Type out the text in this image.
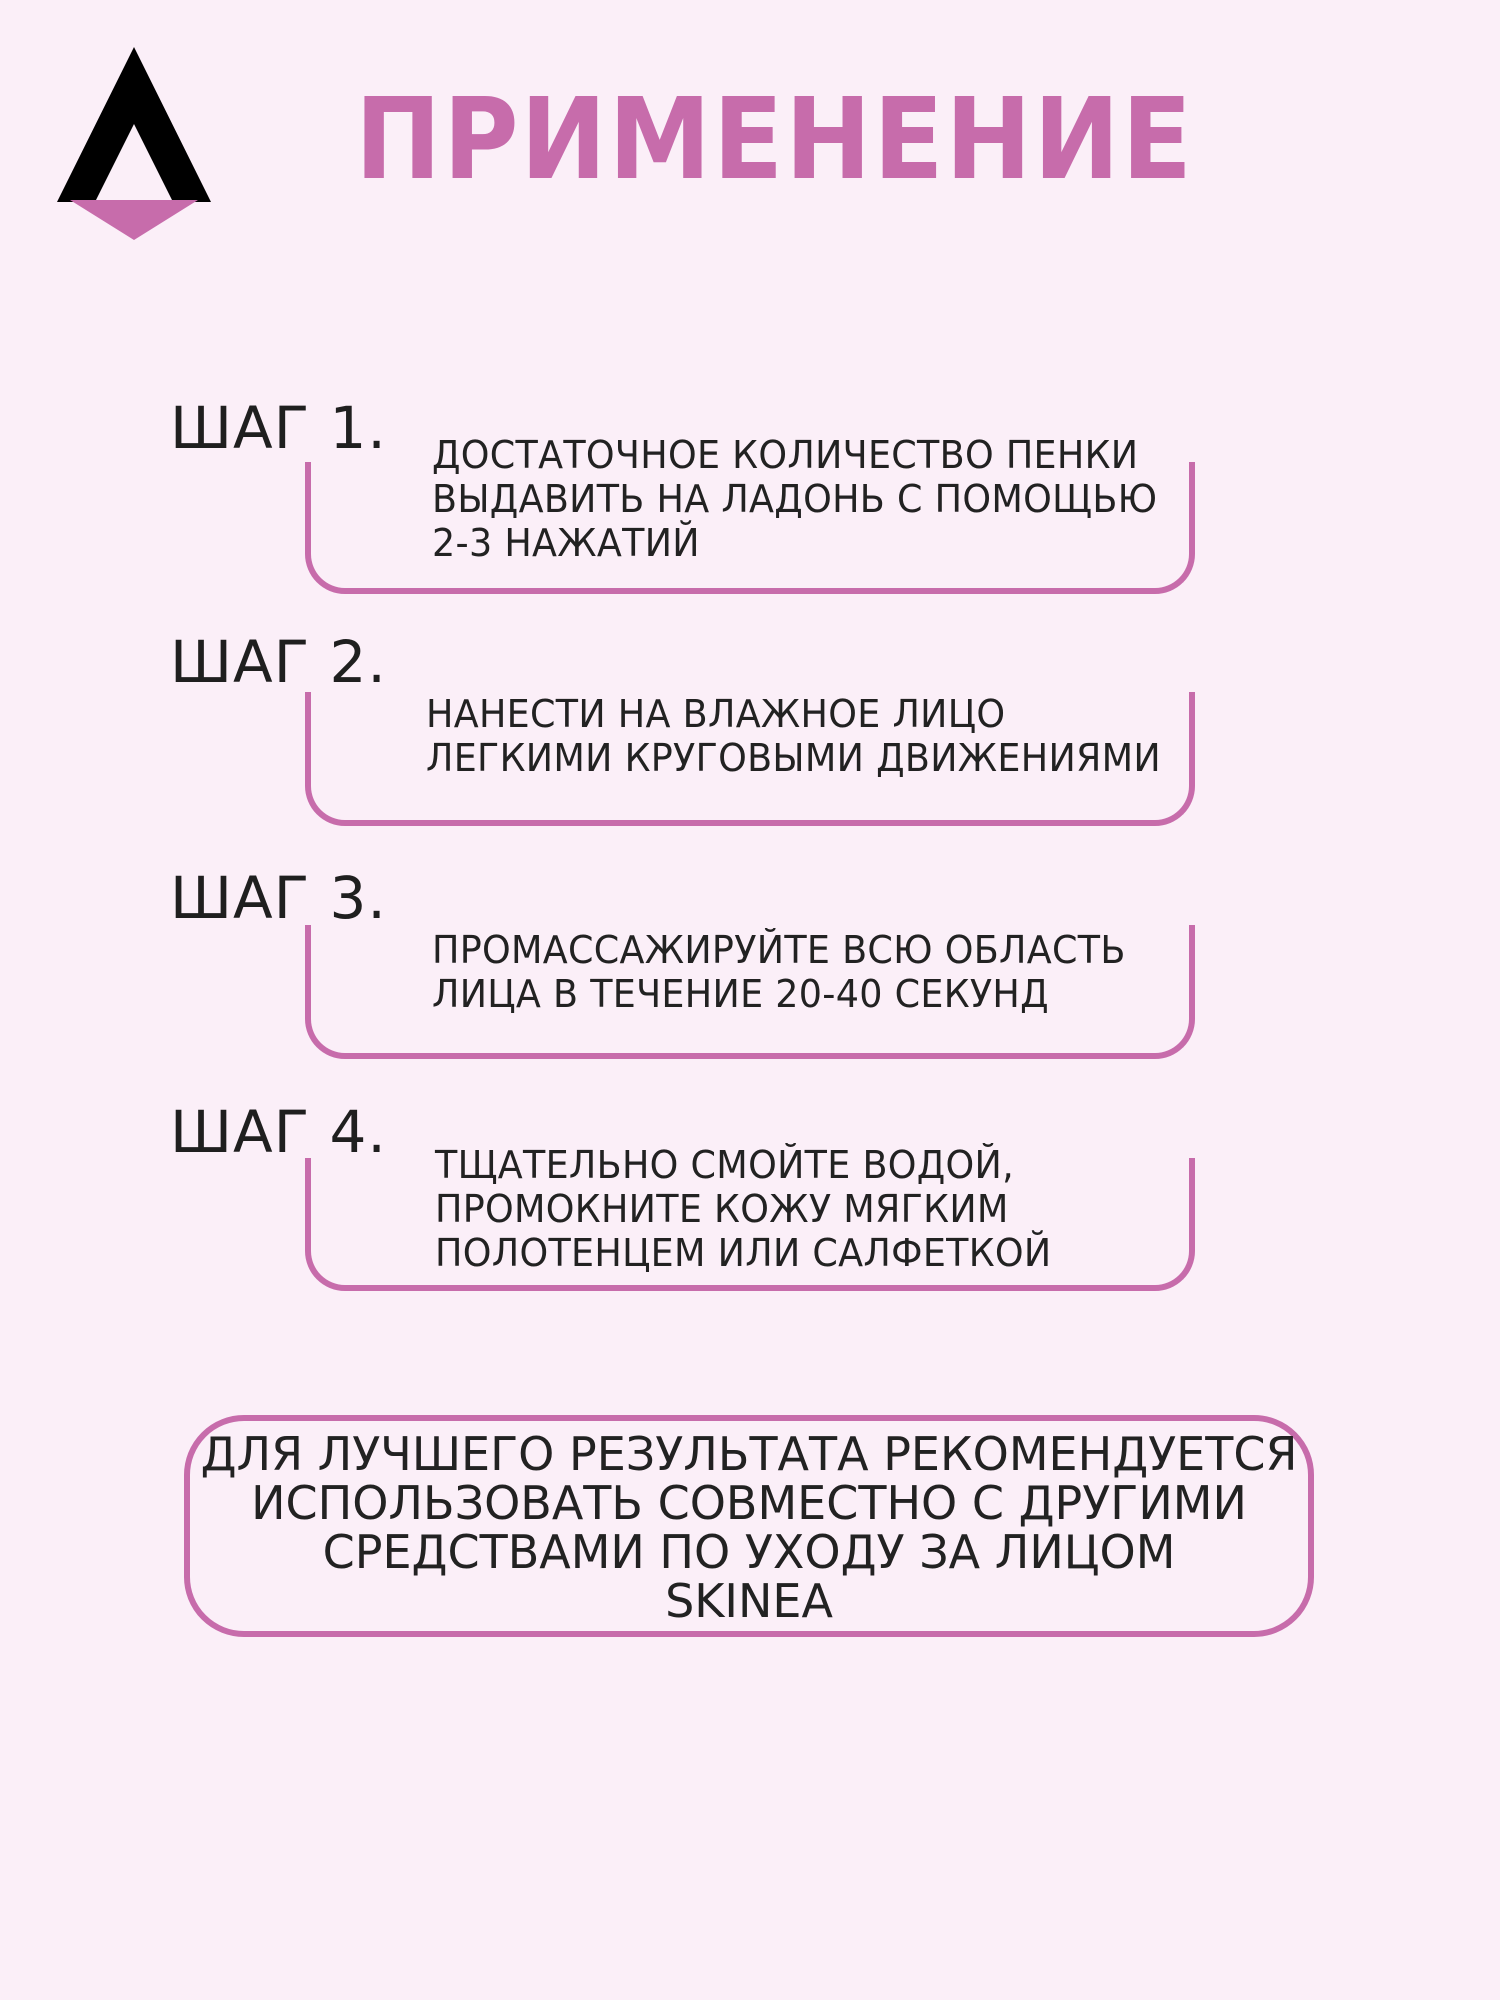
ПРИМЕНЕНИЕ
ШАГ 1.	ДОСТАТОЧНОЕ КОЛИЧЕСТВО ПЕНКИ
ВЫДАВИТЬ НА ЛАДОНЬ С ПОМОЩЬЮ
2-3 НАЖАТИЙ

ШАГ 2.

НАНЕСТИ НА ВЛАЖНОЕ ЛИЦО
ЛЕГКИМИ КРУГОВЫМИ ДВИЖЕНИЯМИ

ШАГ 3.

ПРОМАССАЖИРУЙТЕ ВСЮ ОБЛАСТЬ
ЛИЦА В ТЕЧЕНИЕ 20-40 СЕКУНД

ШАГ 4.	ТЩАТЕЛЬНО СМОЙТЕ ВОДОЙ,
ПРОМОКНИТЕ КОЖУ МЯГКИМ
ПОЛОТЕНЦЕМ ИЛИ САЛФЕТКОЙ

ДЛЯ ЛУЧШЕГО РЕЗУЛЬТАТА РЕКОМЕНДУЕТСЯ
ИСПОЛЬЗОВАТЬ СОВМЕСТНО С ДРУГИМИ
СРЕДСТВАМИ ПО УХОДУ ЗА ЛИЦОМ
SKINEA
